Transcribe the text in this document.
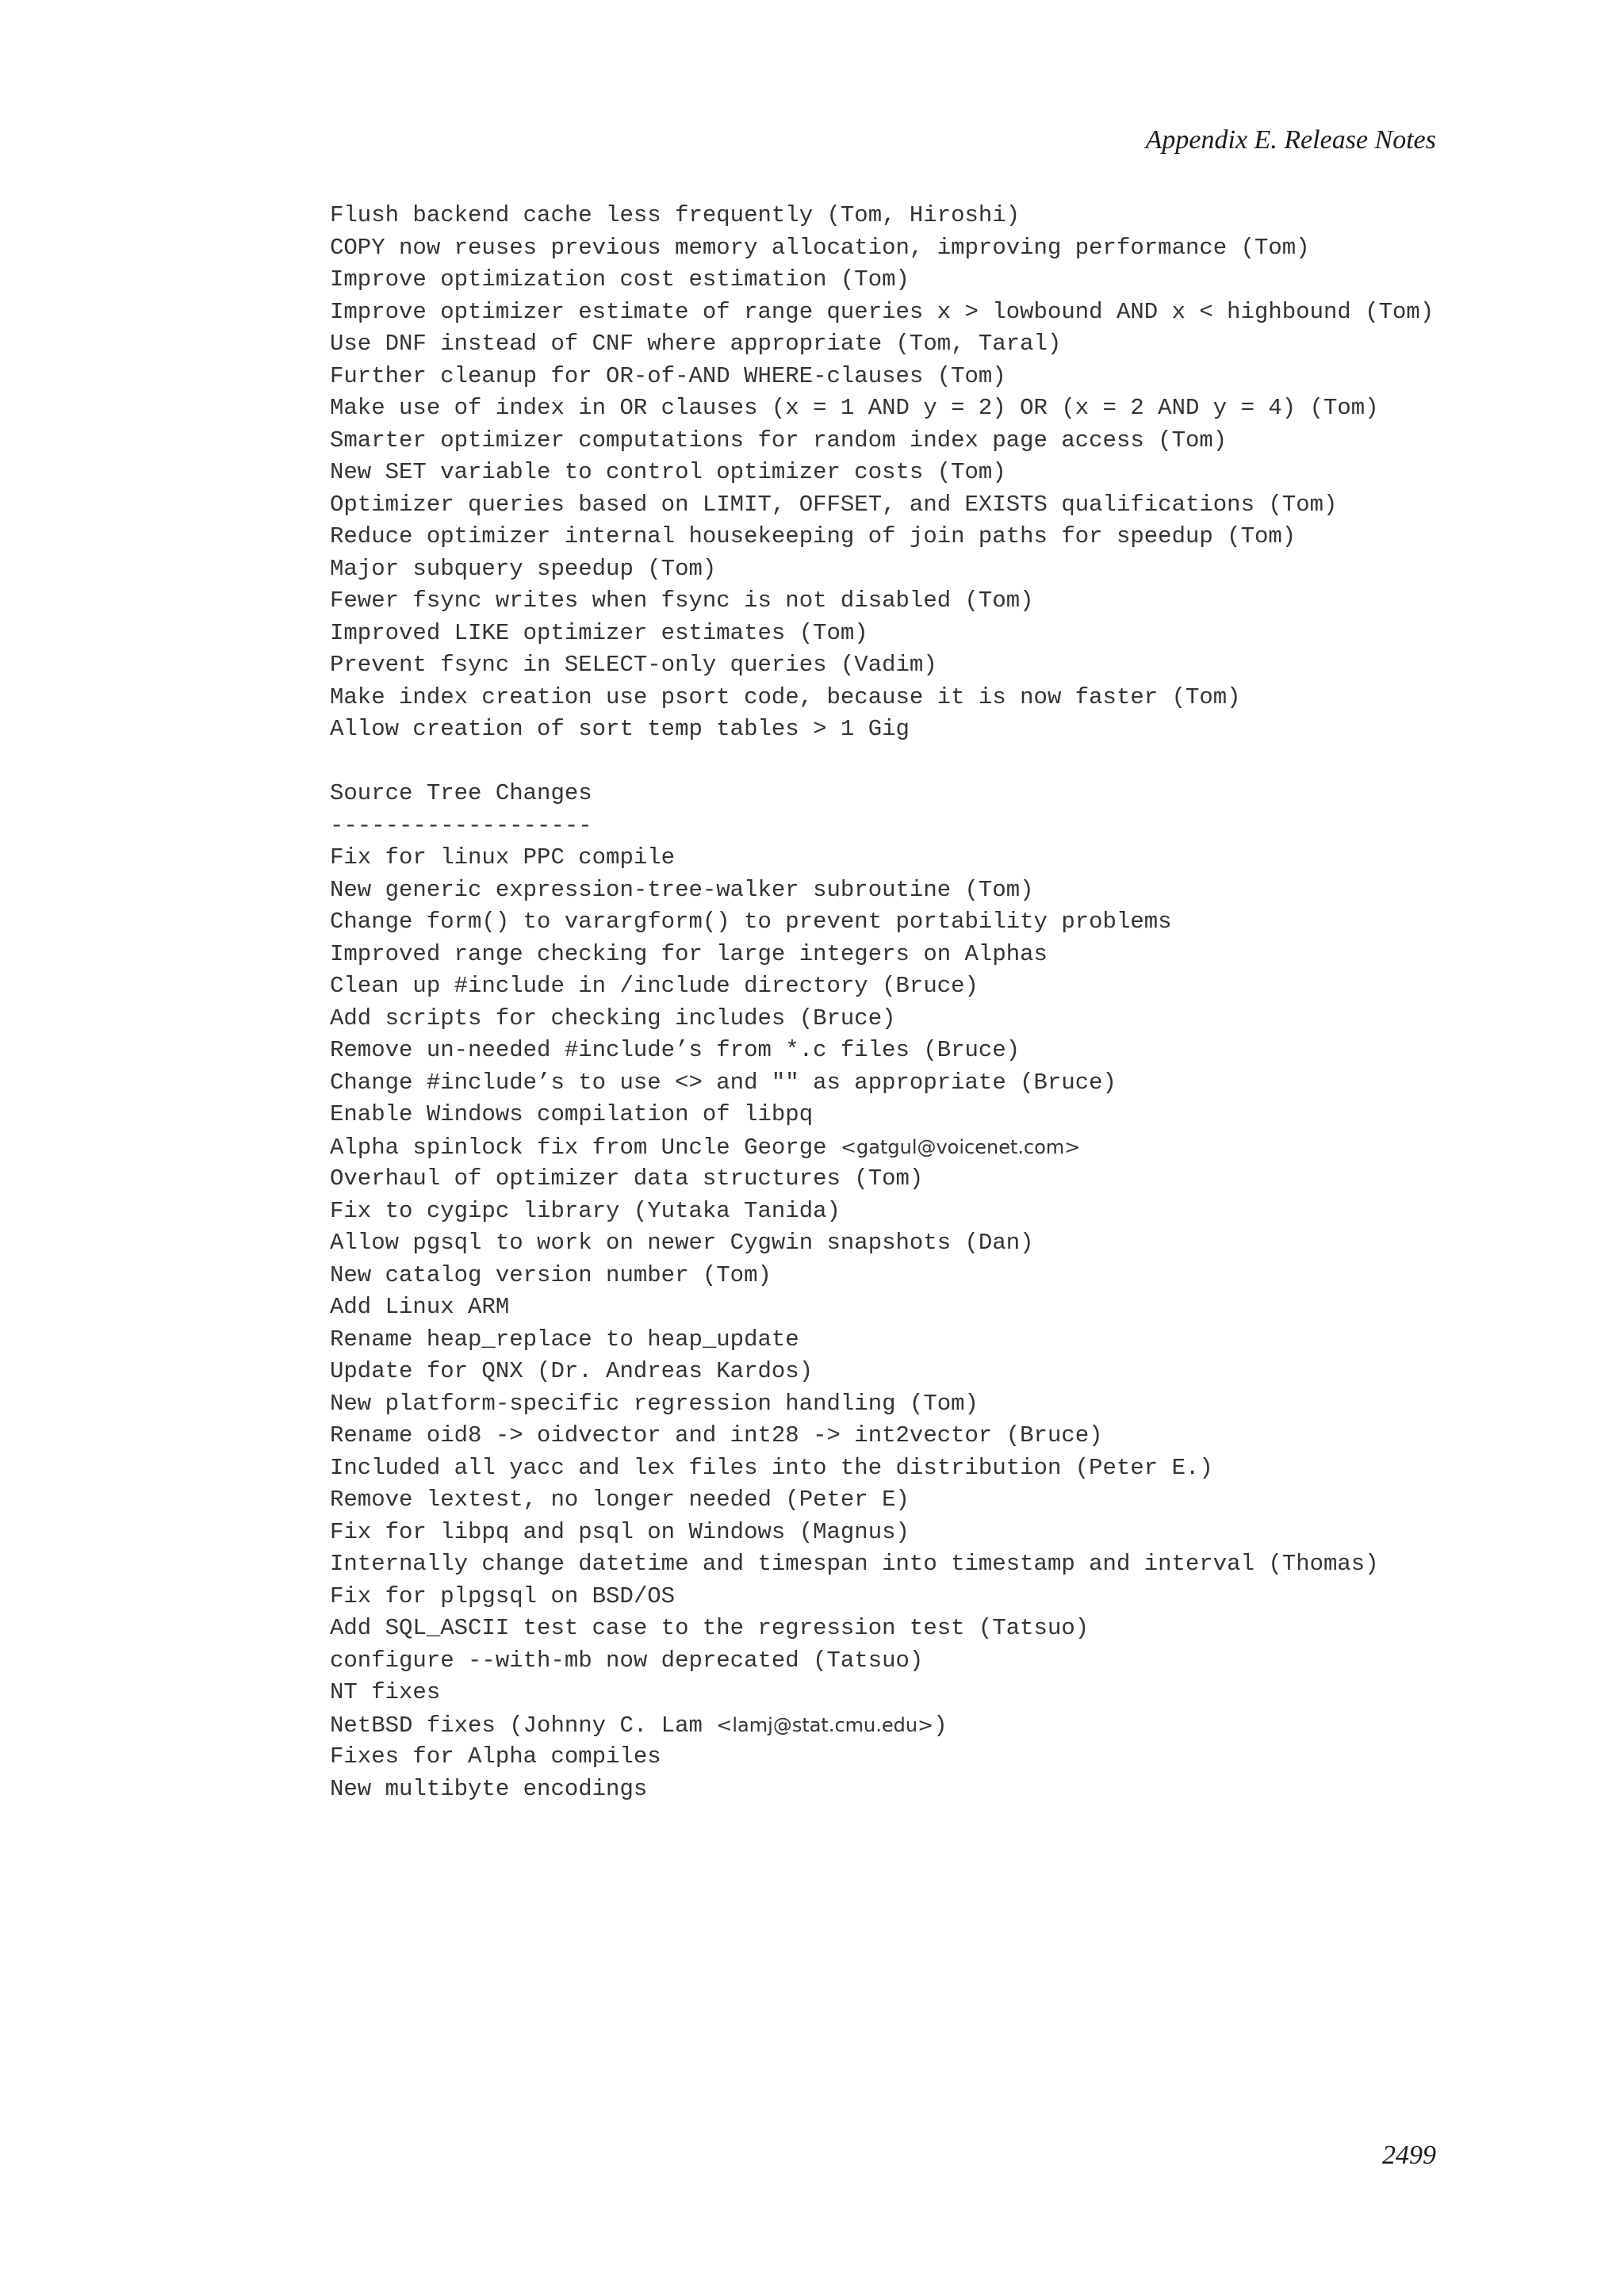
Appendix E. Release Notes
Flush backend cache less frequently (Tom, Hiroshi)
COPY now reuses previous memory allocation, improving performance (Tom)
Improve optimization cost estimation (Tom)
Improve optimizer estimate of range queries x > lowbound AND x < highbound (Tom)
Use DNF instead of CNF where appropriate (Tom, Taral)
Further cleanup for OR-of-AND WHERE-clauses (Tom)
Make use of index in OR clauses (x = 1 AND y = 2) OR (x = 2 AND y = 4) (Tom)
Smarter optimizer computations for random index page access (Tom)
New SET variable to control optimizer costs (Tom)
Optimizer queries based on LIMIT, OFFSET, and EXISTS qualifications (Tom)
Reduce optimizer internal housekeeping of join paths for speedup (Tom)
Major subquery speedup (Tom)
Fewer fsync writes when fsync is not disabled (Tom)
Improved LIKE optimizer estimates (Tom)
Prevent fsync in SELECT-only queries (Vadim)
Make index creation use psort code, because it is now faster (Tom)
Allow creation of sort temp tables > 1 Gig
Source Tree Changes
-------------------
Fix for linux PPC compile
New generic expression-tree-walker subroutine (Tom)
Change form() to varargform() to prevent portability problems
Improved range checking for large integers on Alphas
Clean up #include in /include directory (Bruce)
Add scripts for checking includes (Bruce)
Remove un-needed #include’s from *.c files (Bruce)
Change #include’s to use <> and "" as appropriate (Bruce)
Enable Windows compilation of libpq
Alpha spinlock fix from Uncle George <gatgul@voicenet.com>
Overhaul of optimizer data structures (Tom)
Fix to cygipc library (Yutaka Tanida)
Allow pgsql to work on newer Cygwin snapshots (Dan)
New catalog version number (Tom)
Add Linux ARM
Rename heap_replace to heap_update
Update for QNX (Dr. Andreas Kardos)
New platform-specific regression handling (Tom)
Rename oid8 -> oidvector and int28 -> int2vector (Bruce)
Included all yacc and lex files into the distribution (Peter E.)
Remove lextest, no longer needed (Peter E)
Fix for libpq and psql on Windows (Magnus)
Internally change datetime and timespan into timestamp and interval (Thomas)
Fix for plpgsql on BSD/OS
Add SQL_ASCII test case to the regression test (Tatsuo)
configure --with-mb now deprecated (Tatsuo)
NT fixes
NetBSD fixes (Johnny C. Lam <lamj@stat.cmu.edu>)
Fixes for Alpha compiles
New multibyte encodings
2499
